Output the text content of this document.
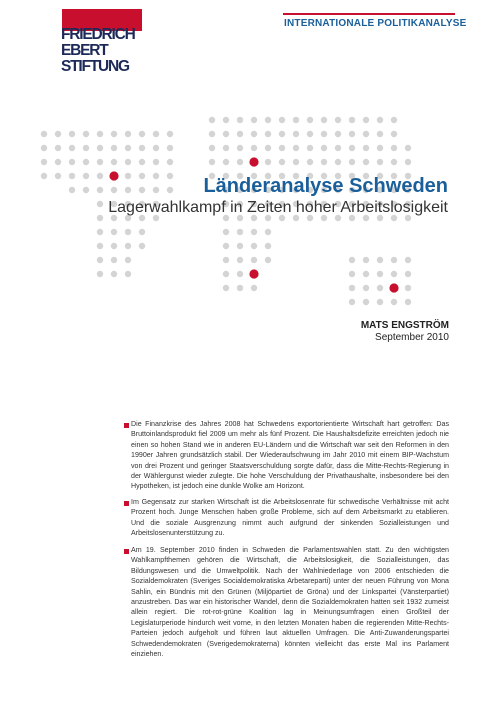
INTERNATIONALE POLITIKANALYSE
FRIEDRICH
EBERT
STIFTUNG
Länderanalyse Schweden
Lagerwahlkampf in Zeiten hoher Arbeitslosigkeit
MATS ENGSTRÖM
September 2010
Die Finanzkrise des Jahres 2008 hat Schwedens exportorientierte Wirtschaft hart getroffen: Das Bruttoinlandsprodukt fiel 2009 um mehr als fünf Prozent. Die Haushaltsdefizite erreichten jedoch nie einen so hohen Stand wie in anderen EU-Ländern und die Wirtschaft war seit den Reformen in den 1990er Jahren grundsätzlich stabil. Der Wiederaufschwung im Jahr 2010 mit einem BIP-Wachstum von drei Prozent und geringer Staatsverschuldung sorgte dafür, dass die Mitte-Rechts-Regierung in der Wählergunst wieder zulegte. Die hohe Verschuldung der Privathaushalte, insbesondere bei den Hypotheken, ist jedoch eine dunkle Wolke am Horizont.
Im Gegensatz zur starken Wirtschaft ist die Arbeitslosenrate für schwedische Verhältnisse mit acht Prozent hoch. Junge Menschen haben große Probleme, sich auf dem Arbeitsmarkt zu etablieren. Und die soziale Ausgrenzung nimmt auch aufgrund der sinkenden Sozialleistungen und Arbeitslosenunterstützung zu.
Am 19. September 2010 finden in Schweden die Parlamentswahlen statt. Zu den wichtigsten Wahlkampfthemen gehören die Wirtschaft, die Arbeitslosigkeit, die Sozialleistungen, das Bildungswesen und die Umweltpolitik. Nach der Wahlniederlage von 2006 entschieden die Sozialdemokraten (Sveriges Socialdemokratiska Arbetareparti) unter der neuen Führung von Mona Sahlin, ein Bündnis mit den Grünen (Miljöpartiet de Gröna) und der Linkspartei (Vänsterpartiet) anzustreben. Das war ein historischer Wandel, denn die Sozialdemokraten hatten seit 1932 zumeist allein regiert. Die rot-rot-grüne Koalition lag in Meinungsumfragen einen Großteil der Legislaturperiode hindurch weit vorne, in den letzten Monaten haben die regierenden Mitte-Rechts-Parteien jedoch aufgeholt und führen laut aktuellen Umfragen. Die Anti-Zuwanderungspartei Schwedendemokraten (Sverigedemokraterna) könnten vielleicht das erste Mal ins Parlament einziehen.
